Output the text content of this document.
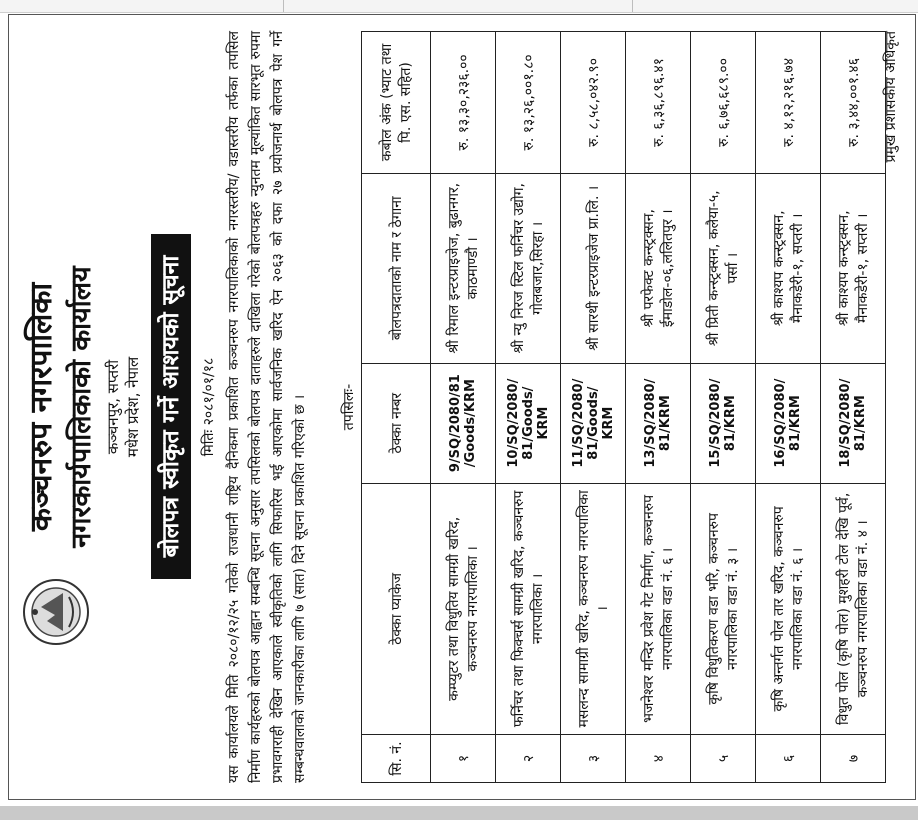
कञ्चनरुप नगरपालिका नगरकार्यपालिकाको कार्यालय कञ्चनपुर, सप्तरी मधेश प्रदेश, नेपाल बोलपत्र स्वीकृत गर्ने आशयको सूचना	मितिः २०८१/०१/१८ यस कार्यालयले मिति २०८०/१२/२५ गतेको राजधानी राष्ट्रिय दैनिकमा प्रकाशित कञ्चनरुप नगरपालिकाको नगरस्तरीय/ वडास्तरीय तर्फका तपसिल निर्माण कार्यहरुको बोलपत्र आह्वान सम्बन्धि सूचना अनुसार तपसिलको बोलपत्र दाताहरुले दाखिला गरेको बोलपत्रहरु न्युनतम मूल्यांकित सारभूत रुपमा प्रभावगराही देखिन आएकाले स्वीकृतिको लागि सिफारिस भई आएकोमा सार्वजनिक खरिद ऐन २०६३ को दफा २७ प्रयोजनार्थ बोलपत्र पेश गर्ने सम्बन्धवालाको जानकारीका लागि ७ (सात) दिने सूचना प्रकाशित गरिएको छ । तपसिलः-
सि. नं.	ठेक्का प्याकेज	ठेक्का नम्बर	बोलपत्रदाताको नाम र ठेगाना	कबोल अंक (भ्याट तथा पि. एस. सहित)
१	कम्प्युटर तथा विधुतिय सामग्री खरिद, कञ्चनरुप नगरपालिका ।	9/SQ/2080/81 /Goods/KRM	श्री रिमाल इन्टरप्राइजेज, बुढानगर, काठमाण्डौ ।	रु. १३,३०,२३६.००
२	फर्निचर तथा फिक्चर्स सामग्री खरिद, कञ्चनरुप नगरपालिका ।	10/SQ/2080/ 81/Goods/ KRM	श्री न्यु निरज स्टिल फर्निचर उद्योग, गोलबजार,सिरहा ।	रु. १३,२६,००१.८०
३	मसलन्द सामाग्री खरिद, कञ्चनरुप नगरपालिका ।	11/SQ/2080/ 81/Goods/ KRM	श्री सारथी इन्टरप्राइजेज प्रा.लि. ।	रु. ८,५८,०४२.९०
४	भजनेश्वर मन्दिर प्रवेश गेट निर्माण, कञ्चनरुप नगरपालिका वडा नं. ६ ।	13/SQ/2080/ 81/KRM	श्री परफेक्ट कन्स्ट्रक्सन, ईमाडोल-०६,ललितपुर ।	रु. ६,३६,८९६.४१
५	कृषि विधुतिकरण वडा भरि, कञ्चनरुप नगरपालिका वडा नं. ३ ।	15/SQ/2080/ 81/KRM	श्री प्रिती कन्स्ट्रक्सन, कलैया-५, पर्सा ।	रु. ६,७६,६८९.००
६	कृषि अन्तर्गत पोल तार खरिद, कञ्चनरुप नगरपालिका वडा नं. ६ ।	16/SQ/2080/ 81/KRM	श्री काश्यप कन्स्ट्रक्सन, मैनाकडेरी-१, सप्तरी ।	रु. ४,१२,२१६.७४
७	विधुत पोल (कृषि पोल) मुशहरी टोल देखि पूर्व, कञ्चनरुप नगरपालिका वडा नं. ४ ।	18/SQ/2080/ 81/KRM	श्री काश्यप कन्स्ट्रक्सन, मैनाकडेरी-१, सप्तरी ।	रु. ३,४४,००१.४६ प्रमुख प्रशासकीय अधिकृत
